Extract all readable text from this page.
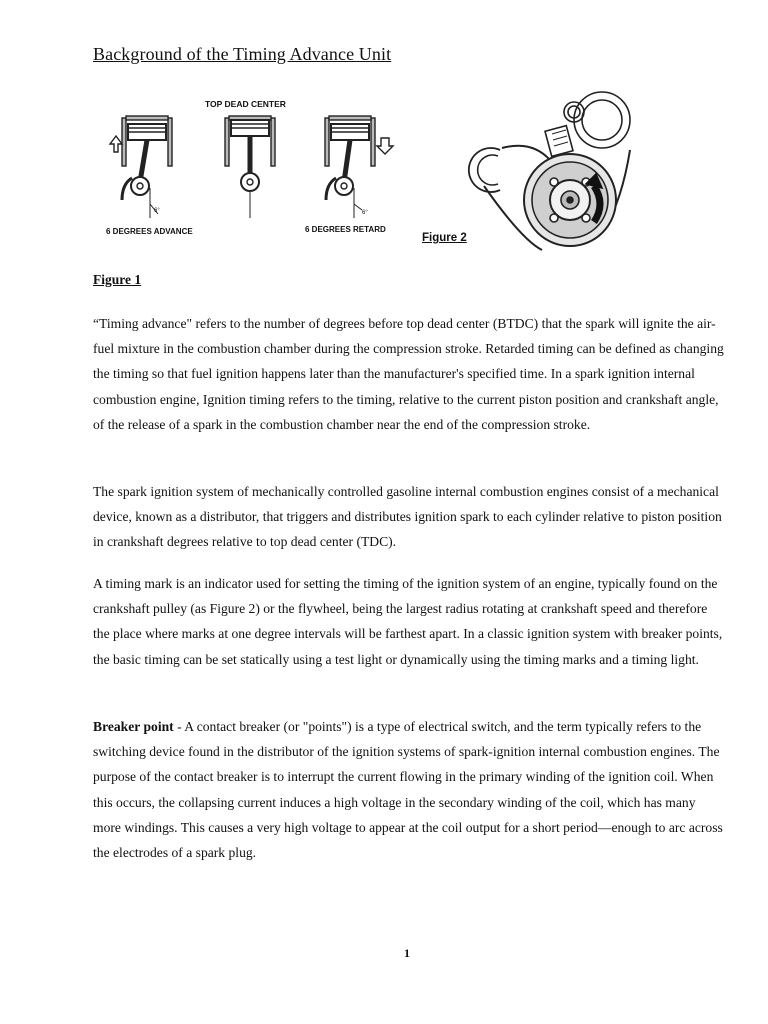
Background of the Timing Advance Unit
TOP DEAD CENTER
6°	6°
6 DEGREES ADVANCE	6 DEGREES RETARD
Figure 2
Figure 1

“Timing advance" refers to the number of degrees before top dead center (BTDC) that the spark will ignite the air-fuel mixture in the combustion chamber during the compression stroke. Retarded timing can be defined as changing the timing so that fuel ignition happens later than the manufacturer's specified time. In a spark ignition internal combustion engine, Ignition timing refers to the timing, relative to the current piston position and crankshaft angle, of the release of a spark in the combustion chamber near the end of the compression stroke.

The spark ignition system of mechanically controlled gasoline internal combustion engines consist of a mechanical device, known as a distributor, that triggers and distributes ignition spark to each cylinder relative to piston position in crankshaft degrees relative to top dead center (TDC).

A timing mark is an indicator used for setting the timing of the ignition system of an engine, typically found on the crankshaft pulley (as Figure 2) or the flywheel, being the largest radius rotating at crankshaft speed and therefore the place where marks at one degree intervals will be farthest apart. In a classic ignition system with breaker points, the basic timing can be set statically using a test light or dynamically using the timing marks and a timing light.

Breaker point - A contact breaker (or "points") is a type of electrical switch, and the term typically refers to the switching device found in the distributor of the ignition systems of spark-ignition internal combustion engines. The purpose of the contact breaker is to interrupt the current flowing in the primary winding of the ignition coil. When this occurs, the collapsing current induces a high voltage in the secondary winding of the coil, which has many more windings. This causes a very high voltage to appear at the coil output for a short period—enough to arc across the electrodes of a spark plug.

1
